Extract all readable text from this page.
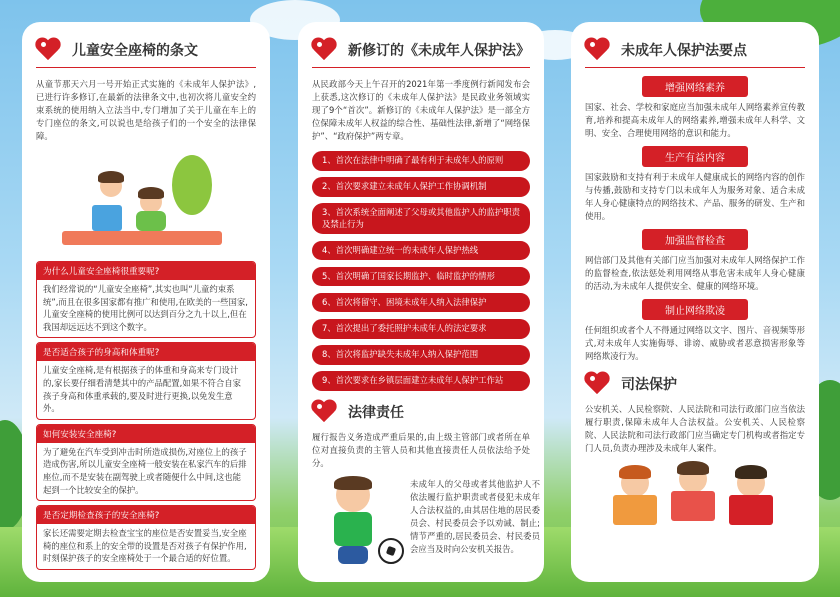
儿童安全座椅的条文
从童节那天六月一号开始正式实施的《未成年人保护法》,已进行许多修订,在最新的法律条文中,也初次将儿童安全约束系统的使用纳入立法当中,专门增加了关于儿童在车上的专门座位的条文,可以说也是给孩子们的一个安全的法律保障。
为什么儿童安全座椅很重要呢?
我们经常说的“儿童安全座椅”,其实也叫“儿童约束系统”,而且在很多国家都有推广和使用,在欧美的一些国家,儿童安全座椅的使用比例可以达到百分之九十以上,但在我国却远远达不到这个数字。
是否适合孩子的身高和体重呢?
儿童安全座椅,是有根据孩子的体重和身高来专门设计的,家长要仔细看清楚其中的产品配置,如果不符合自家孩子身高和体重承载的,要及时进行更换,以免发生意外。
如何安装安全座椅?
为了避免在汽车受到冲击时所造成损伤,对座位上的孩子造成伤害,所以儿童安全座椅一般安装在私家汽车的后排座位,而不是安装在副驾驶上或者随便什么中间,这也能起到一个比较安全的保护。
是否定期检查孩子的安全座椅?
家长还需要定期去检查宝宝的座位是否安置妥当,安全座椅的座位和系上的安全带的设置是否对孩子有保护作用,时刻保护孩子的安全座椅处于一个最合适的好位置。
新修订的《未成年人保护法》
从民政部今天上午召开的2021年第一季度例行新闻发布会上获悉,这次修订的《未成年人保护法》是民政业务领域实现了9个“首次”。新修订的《未成年人保护法》是一部全方位保障未成年人权益的综合性、基础性法律,新增了“网络保护”、“政府保护”两专章。
1、首次在法律中明确了最有利于未成年人的原则
2、首次要求建立未成年人保护工作协调机制
3、首次系统全面阐述了父母或其他监护人的监护职责及禁止行为
4、首次明确建立统一的未成年人保护热线
5、首次明确了国家长期监护、临时监护的情形
6、首次将留守、困境未成年人纳入法律保护
7、首次提出了委托照护未成年人的法定要求
8、首次将监护缺失未成年人纳入保护范围
9、首次要求在乡镇层面建立未成年人保护工作站
法律责任
履行报告义务造成严重后果的,由上级主管部门或者所在单位对直接负责的主管人员和其他直接责任人员依法给予处分。
未成年人的父母或者其他监护人不依法履行监护职责或者侵犯未成年人合法权益的,由其居住地的居民委员会、村民委员会予以劝诫、制止;情节严重的,居民委员会、村民委员会应当及时向公安机关报告。
未成年人保护法要点
增强网络素养
国家、社会、学校和家庭应当加强未成年人网络素养宣传教育,培养和提高未成年人的网络素养,增强未成年人科学、文明、安全、合理使用网络的意识和能力。
生产有益内容
国家鼓励和支持有利于未成年人健康成长的网络内容的创作与传播,鼓励和支持专门以未成年人为服务对象、适合未成年人身心健康特点的网络技术、产品、服务的研发、生产和使用。
加强监督检查
网信部门及其他有关部门应当加强对未成年人网络保护工作的监督检查,依法惩处利用网络从事危害未成年人身心健康的活动,为未成年人提供安全、健康的网络环境。
制止网络欺凌
任何组织或者个人不得通过网络以文字、图片、音视频等形式,对未成年人实施侮辱、诽谤、威胁或者恶意损害形象等网络欺凌行为。
司法保护
公安机关、人民检察院、人民法院和司法行政部门应当依法履行职责,保障未成年人合法权益。公安机关、人民检察院、人民法院和司法行政部门应当确定专门机构或者指定专门人员,负责办理涉及未成年人案件。
